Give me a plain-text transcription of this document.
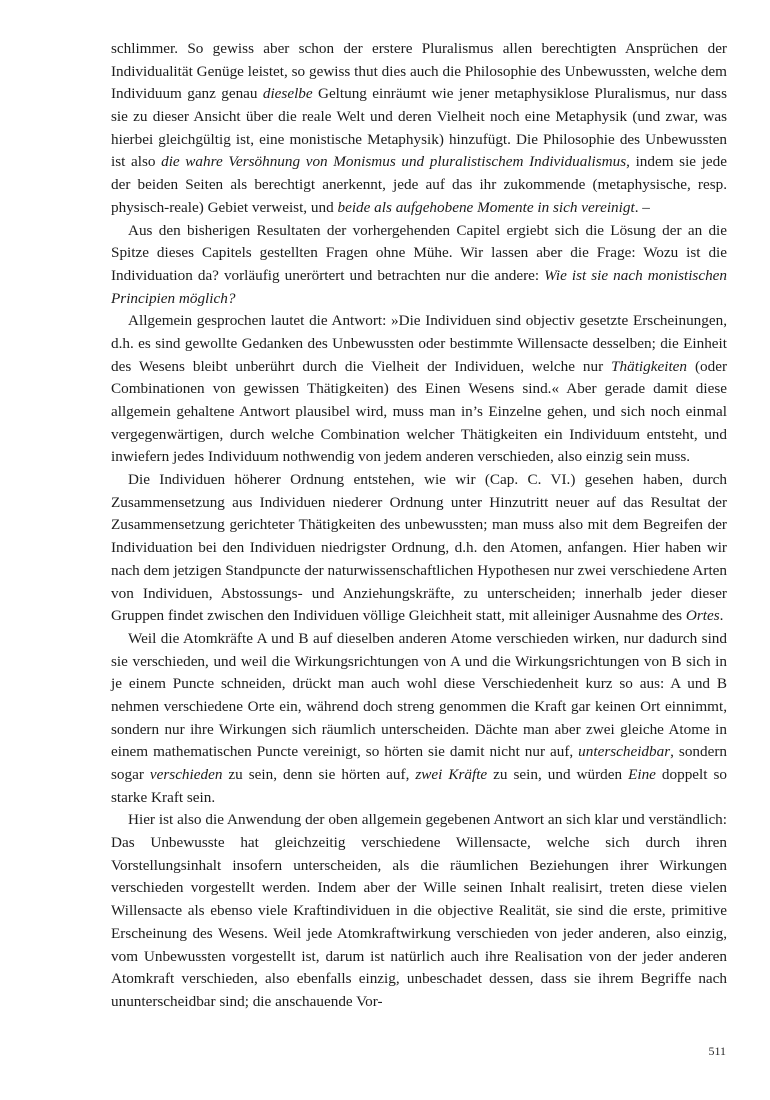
schlimmer. So gewiss aber schon der erstere Pluralismus allen berechtigten Ansprüchen der Individualität Genüge leistet, so gewiss thut dies auch die Philosophie des Unbewussten, welche dem Individuum ganz genau dieselbe Geltung einräumt wie jener metaphysiklose Pluralismus, nur dass sie zu dieser Ansicht über die reale Welt und deren Vielheit noch eine Metaphysik (und zwar, was hierbei gleichgültig ist, eine monistische Metaphysik) hinzufügt. Die Philosophie des Unbewussten ist also die wahre Versöhnung von Monismus und pluralistischem Individualismus, indem sie jede der beiden Seiten als berechtigt anerkennt, jede auf das ihr zukommende (metaphysische, resp. physisch-reale) Gebiet verweist, und beide als aufgehobene Momente in sich vereinigt. –

Aus den bisherigen Resultaten der vorhergehenden Capitel ergiebt sich die Lösung der an die Spitze dieses Capitels gestellten Fragen ohne Mühe. Wir lassen aber die Frage: Wozu ist die Individuation da? vorläufig unerörtert und betrachten nur die andere: Wie ist sie nach monistischen Principien möglich?

Allgemein gesprochen lautet die Antwort: »Die Individuen sind objectiv gesetzte Erscheinungen, d.h. es sind gewollte Gedanken des Unbewussten oder bestimmte Willensacte desselben; die Einheit des Wesens bleibt unberührt durch die Vielheit der Individuen, welche nur Thätigkeiten (oder Combinationen von gewissen Thätigkeiten) des Einen Wesens sind.« Aber gerade damit diese allgemein gehaltene Antwort plausibel wird, muss man in’s Einzelne gehen, und sich noch einmal vergegenwärtigen, durch welche Combination welcher Thätigkeiten ein Individuum entsteht, und inwiefern jedes Individuum nothwendig von jedem anderen verschieden, also einzig sein muss.

Die Individuen höherer Ordnung entstehen, wie wir (Cap. C. VI.) gesehen haben, durch Zusammensetzung aus Individuen niederer Ordnung unter Hinzutritt neuer auf das Resultat der Zusammensetzung gerichteter Thätigkeiten des unbewussten; man muss also mit dem Begreifen der Individuation bei den Individuen niedrigster Ordnung, d.h. den Atomen, anfangen. Hier haben wir nach dem jetzigen Standpuncte der naturwissenschaftlichen Hypothesen nur zwei verschiedene Arten von Individuen, Abstossungs- und Anziehungskräfte, zu unterscheiden; innerhalb jeder dieser Gruppen findet zwischen den Individuen völlige Gleichheit statt, mit alleiniger Ausnahme des Ortes.

Weil die Atomkräfte A und B auf dieselben anderen Atome verschieden wirken, nur dadurch sind sie verschieden, und weil die Wirkungsrichtungen von A und die Wirkungsrichtungen von B sich in je einem Puncte schneiden, drückt man auch wohl diese Verschiedenheit kurz so aus: A und B nehmen verschiedene Orte ein, während doch streng genommen die Kraft gar keinen Ort einnimmt, sondern nur ihre Wirkungen sich räumlich unterscheiden. Dächte man aber zwei gleiche Atome in einem mathematischen Puncte vereinigt, so hörten sie damit nicht nur auf, unterscheidbar, sondern sogar verschieden zu sein, denn sie hörten auf, zwei Kräfte zu sein, und würden Eine doppelt so starke Kraft sein.

Hier ist also die Anwendung der oben allgemein gegebenen Antwort an sich klar und verständlich: Das Unbewusste hat gleichzeitig verschiedene Willensacte, welche sich durch ihren Vorstellungsinhalt insofern unterscheiden, als die räumlichen Beziehungen ihrer Wirkungen verschieden vorgestellt werden. Indem aber der Wille seinen Inhalt realisirt, treten diese vielen Willensacte als ebenso viele Kraftindividuen in die objective Realität, sie sind die erste, primitive Erscheinung des Wesens. Weil jede Atomkraftwirkung verschieden von jeder anderen, also einzig, vom Unbewussten vorgestellt ist, darum ist natürlich auch ihre Realisation von der jeder anderen Atomkraft verschieden, also ebenfalls einzig, unbeschadet dessen, dass sie ihrem Begriffe nach ununterscheidbar sind; die anschauende Vor-

511
